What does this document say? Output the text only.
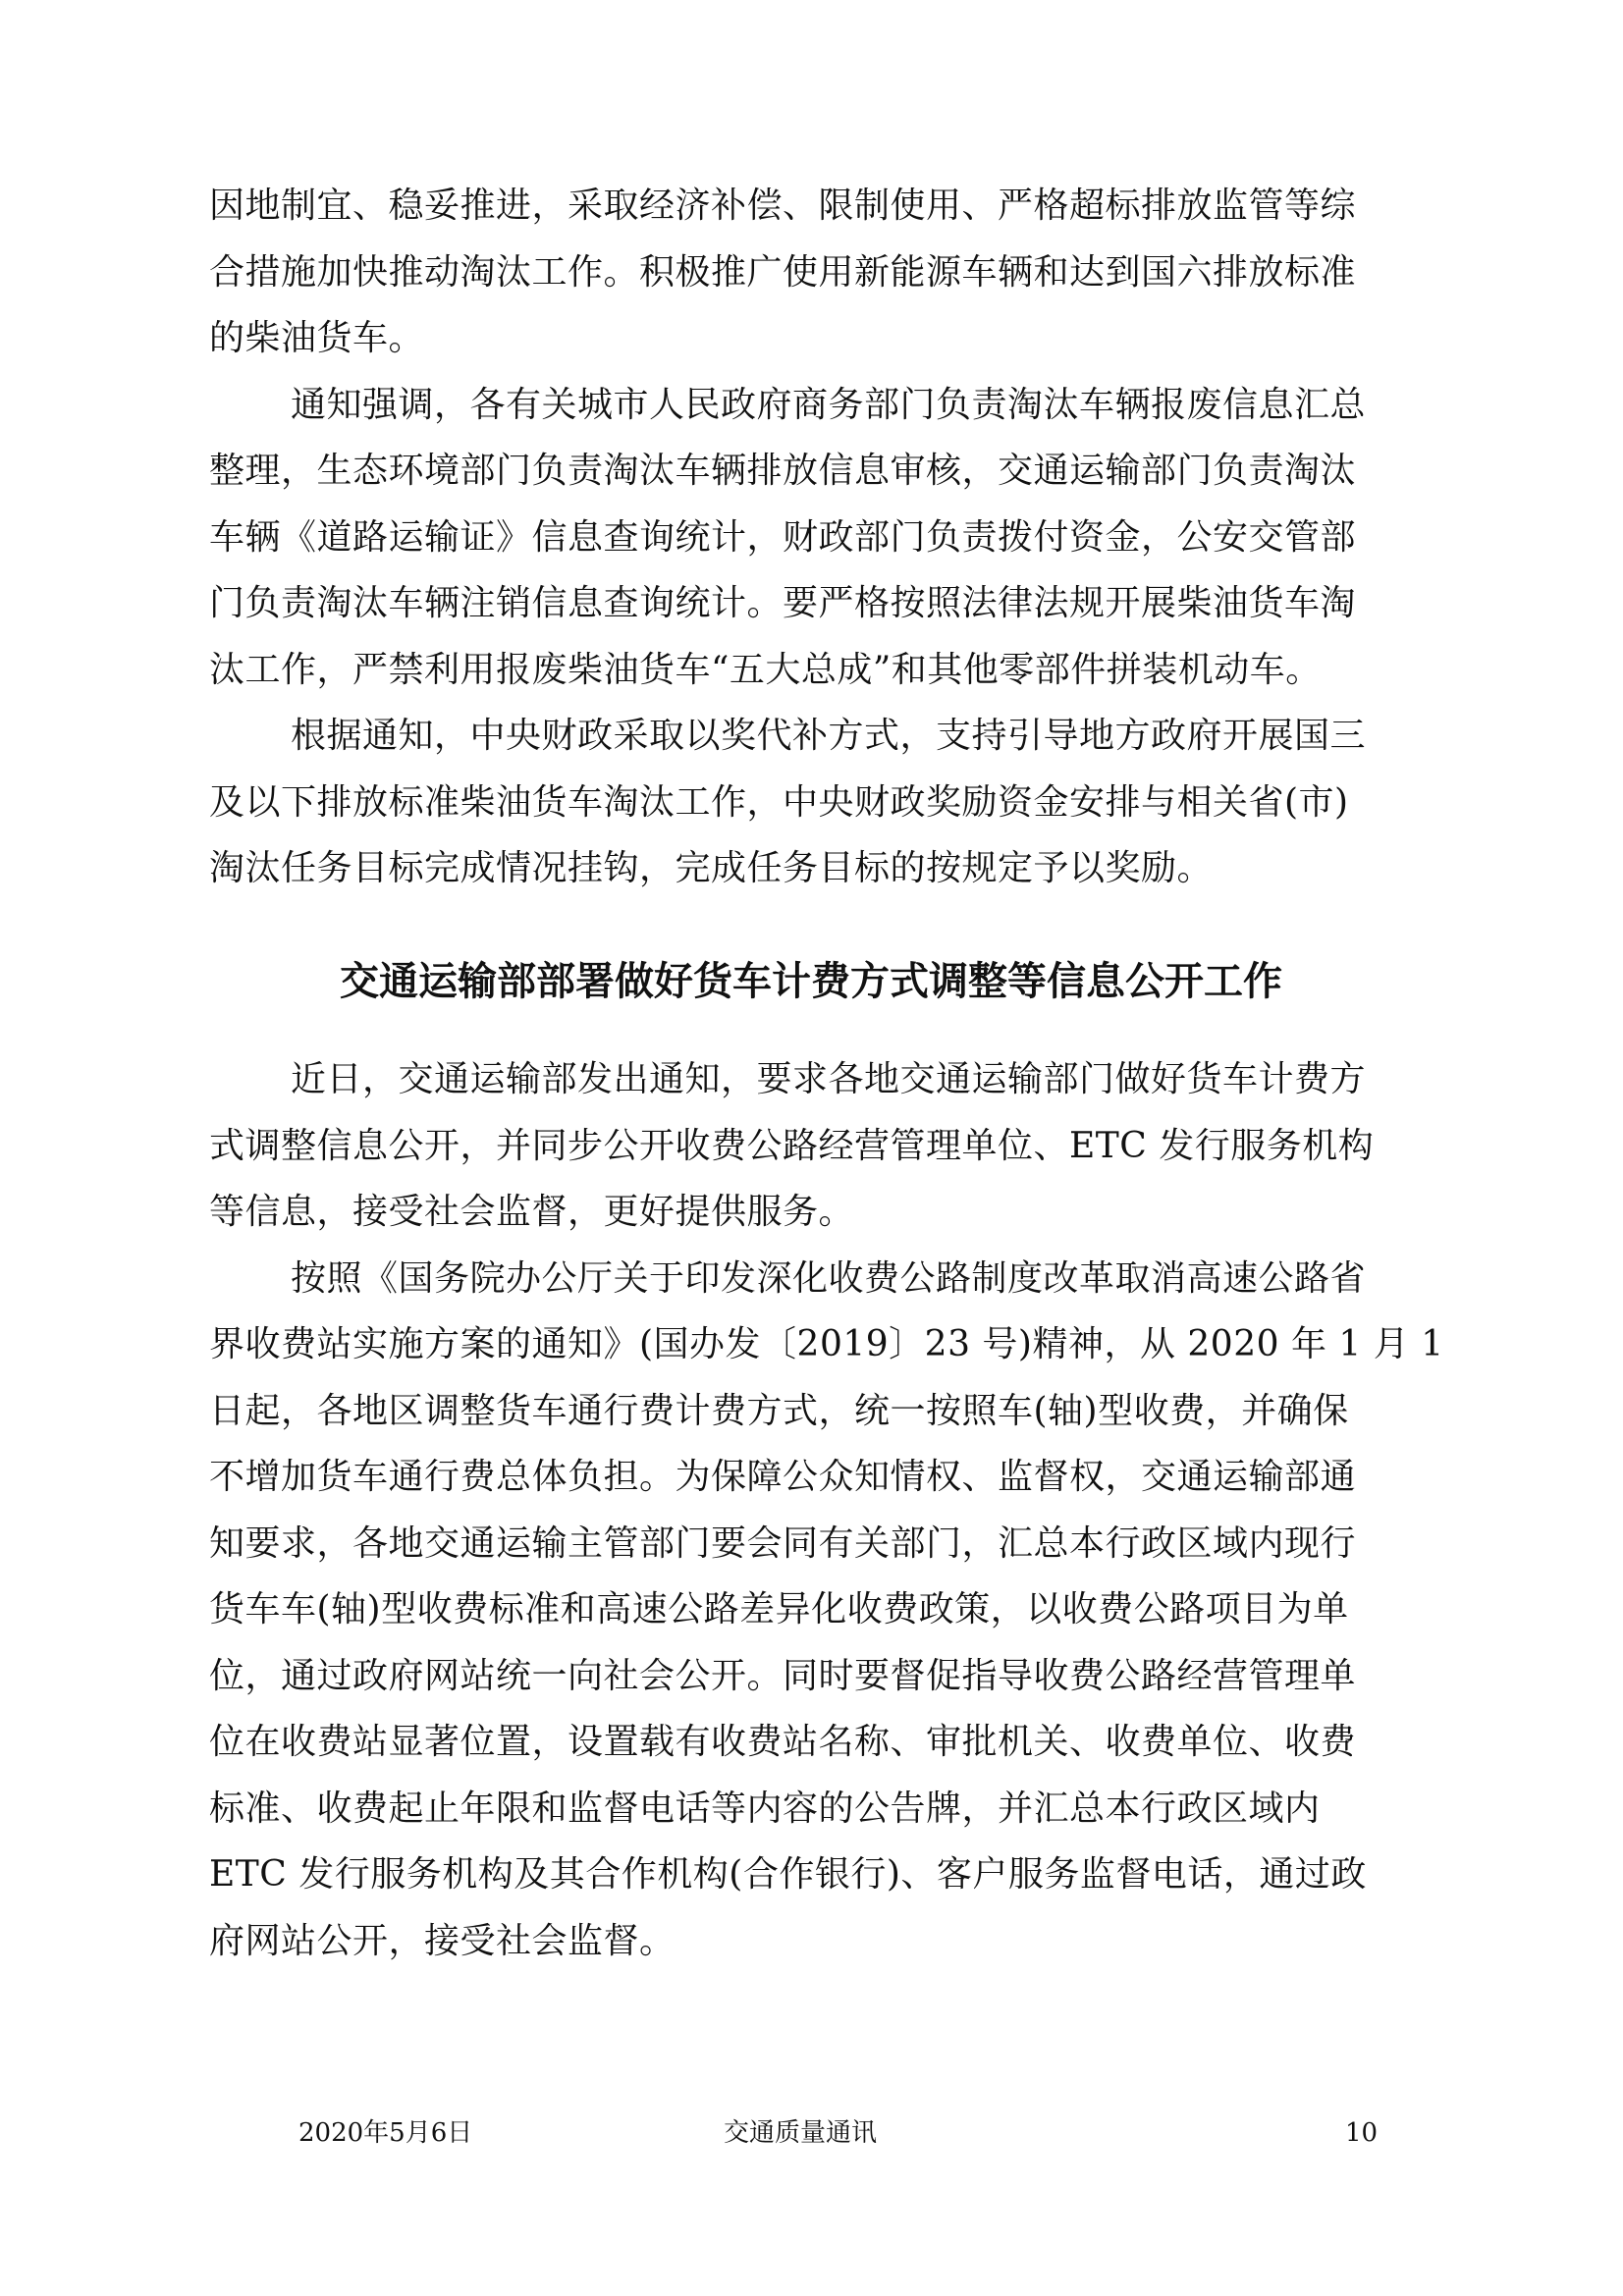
因地制宜、稳妥推进，采取经济补偿、限制使用、严格超标排放监管等综
合措施加快推动淘汰工作。积极推广使用新能源车辆和达到国六排放标准
的柴油货车。
通知强调，各有关城市人民政府商务部门负责淘汰车辆报废信息汇总
整理，生态环境部门负责淘汰车辆排放信息审核，交通运输部门负责淘汰
车辆《道路运输证》信息查询统计，财政部门负责拨付资金，公安交管部
门负责淘汰车辆注销信息查询统计。要严格按照法律法规开展柴油货车淘
汰工作，严禁利用报废柴油货车“五大总成”和其他零部件拼装机动车。
根据通知，中央财政采取以奖代补方式，支持引导地方政府开展国三
及以下排放标准柴油货车淘汰工作，中央财政奖励资金安排与相关省(市)
淘汰任务目标完成情况挂钩，完成任务目标的按规定予以奖励。
交通运输部部署做好货车计费方式调整等信息公开工作
近日，交通运输部发出通知，要求各地交通运输部门做好货车计费方
式调整信息公开，并同步公开收费公路经营管理单位、ETC 发行服务机构
等信息，接受社会监督，更好提供服务。
按照《国务院办公厅关于印发深化收费公路制度改革取消高速公路省
界收费站实施方案的通知》(国办发〔2019〕23 号)精神，从 2020 年 1 月 1
日起，各地区调整货车通行费计费方式，统一按照车(轴)型收费，并确保
不增加货车通行费总体负担。为保障公众知情权、监督权，交通运输部通
知要求，各地交通运输主管部门要会同有关部门，汇总本行政区域内现行
货车车(轴)型收费标准和高速公路差异化收费政策，以收费公路项目为单
位，通过政府网站统一向社会公开。同时要督促指导收费公路经营管理单
位在收费站显著位置，设置载有收费站名称、审批机关、收费单位、收费
标准、收费起止年限和监督电话等内容的公告牌，并汇总本行政区域内
ETC 发行服务机构及其合作机构(合作银行)、客户服务监督电话，通过政
府网站公开，接受社会监督。
2020年5月6日	交通质量通讯	10
